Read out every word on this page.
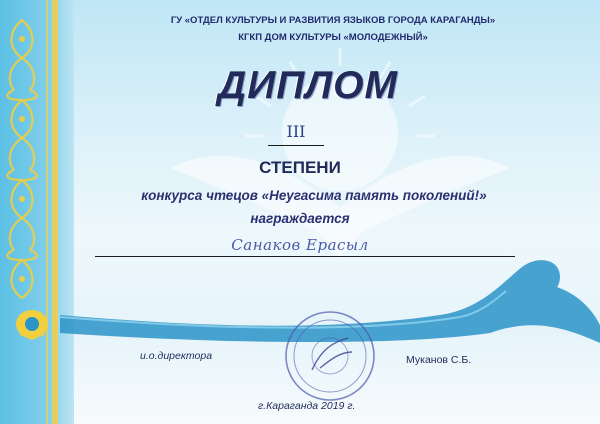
ГУ «ОТДЕЛ КУЛЬТУРЫ И РАЗВИТИЯ ЯЗЫКОВ ГОРОДА КАРАГАНДЫ»
КГКП ДОМ КУЛЬТУРЫ «МОЛОДЕЖНЫЙ»
ДИПЛОМ
III
СТЕПЕНИ
конкурса чтецов «Неугасима память поколений!»
награждается
Санаков Ерасыл
и.о.директора	Муканов С.Б.
г.Караганда 2019 г.
